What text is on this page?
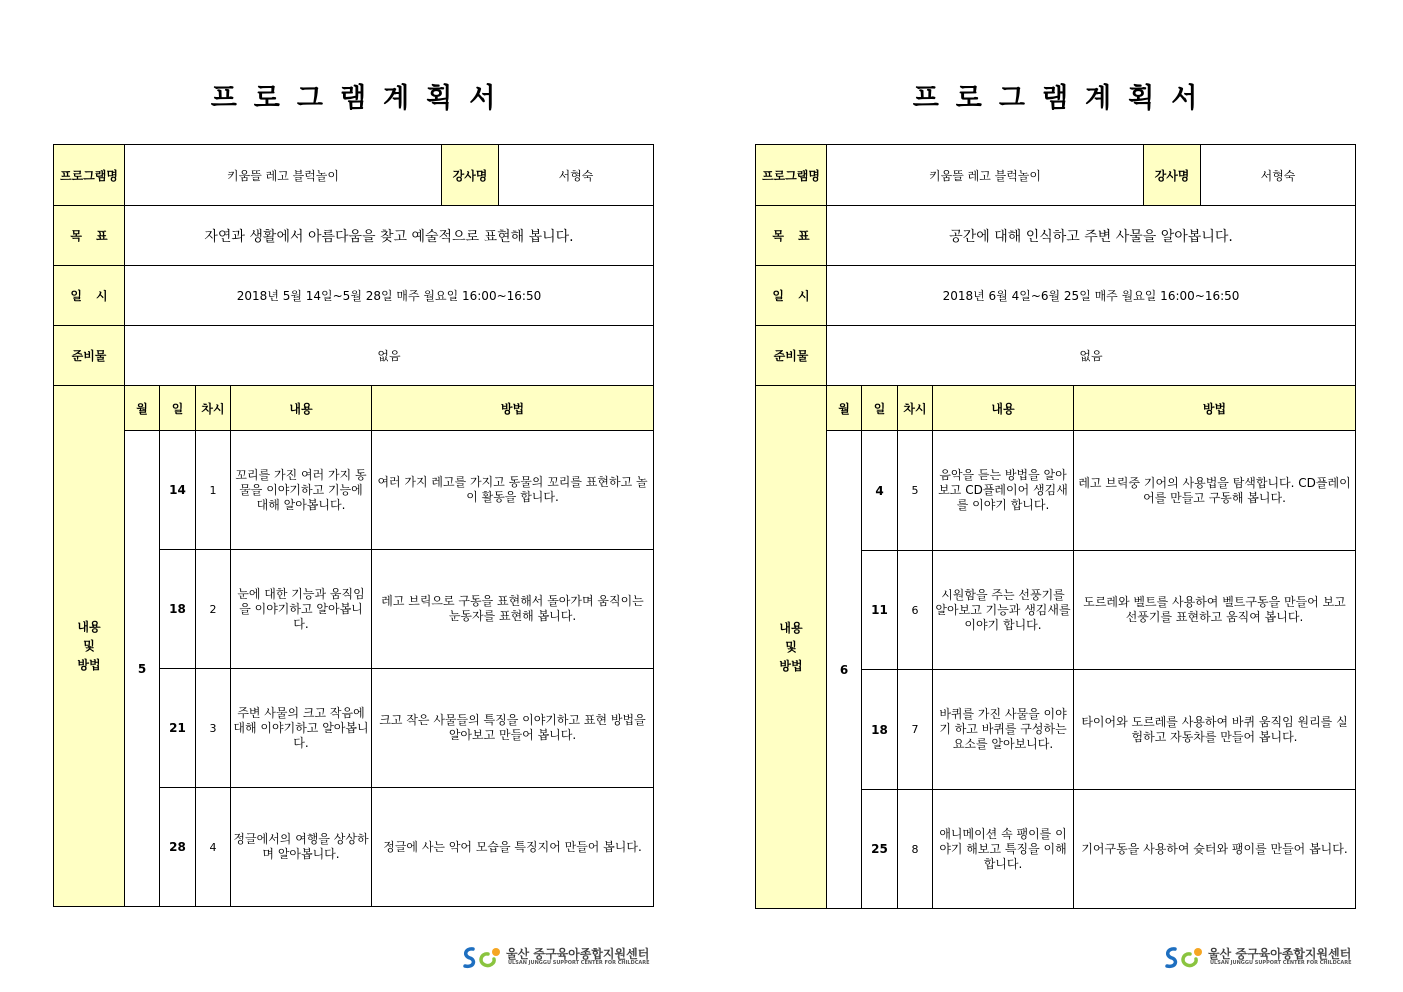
프로그램계획서
프로그램명	키움뜰 레고 블럭놀이					강사명	서형숙
목표	자연과 생활에서 아름다움을 찾고 예술적으로 표현해 봅니다.						
일시	2018년 5월 14일~5월 28일 매주 월요일 16:00~16:50						
준비물	없음						
내용
및
방법	월	일	차시	내용	방법		
	5	14	1	꼬리를 가진 여러 가지 동물을 이야기하고 기능에 대해 알아봅니다.	여러 가지 레고를 가지고 동물의 꼬리를 표현하고 놀이 활동을 합니다.		
		18	2	눈에 대한 기능과 움직임을 이야기하고 알아봅니다.	레고 브릭으로 구동을 표현해서 돌아가며 움직이는 눈동자를 표현해 봅니다.		
		21	3	주변 사물의 크고 작음에 대해 이야기하고 알아봅니다.	크고 작은 사물들의 특징을 이야기하고 표현 방법을 알아보고 만들어 봅니다.		
		28	4	정글에서의 여행을 상상하며 알아봅니다.	정글에 사는 악어 모습을 특징지어 만들어 봅니다.		
울산 중구육아종합지원센터
ULSAN JUNGGU SUPPORT CENTER FOR CHILDCARE
프로그램계획서
프로그램명	키움뜰 레고 블럭놀이					강사명	서형숙
목표	공간에 대해 인식하고 주변 사물을 알아봅니다.						
일시	2018년 6월 4일~6월 25일 매주 월요일 16:00~16:50						
준비물	없음						
내용
및
방법	월	일	차시	내용	방법		
	6	4	5	음악을 듣는 방법을 알아보고 CD플레이어 생김새를 이야기 합니다.	레고 브릭중 기어의 사용법을 탐색합니다. CD플레이어를 만들고 구동해 봅니다.		
		11	6	시원함을 주는 선풍기를 알아보고 기능과 생김새를 이야기 합니다.	도르레와 벨트를 사용하여 벨트구동을 만들어 보고 선풍기를 표현하고 움직여 봅니다.		
		18	7	바퀴를 가진 사물을 이야기 하고 바퀴를 구성하는 요소를 알아보니다.	타이어와 도르레를 사용하여 바퀴 움직임 원리를 실험하고 자동차를 만들어 봅니다.		
		25	8	애니메이션 속 팽이를 이야기 해보고 특징을 이해합니다.	기어구동을 사용하여 슛터와 팽이를 만들어 봅니다.		
울산 중구육아종합지원센터
ULSAN JUNGGU SUPPORT CENTER FOR CHILDCARE
